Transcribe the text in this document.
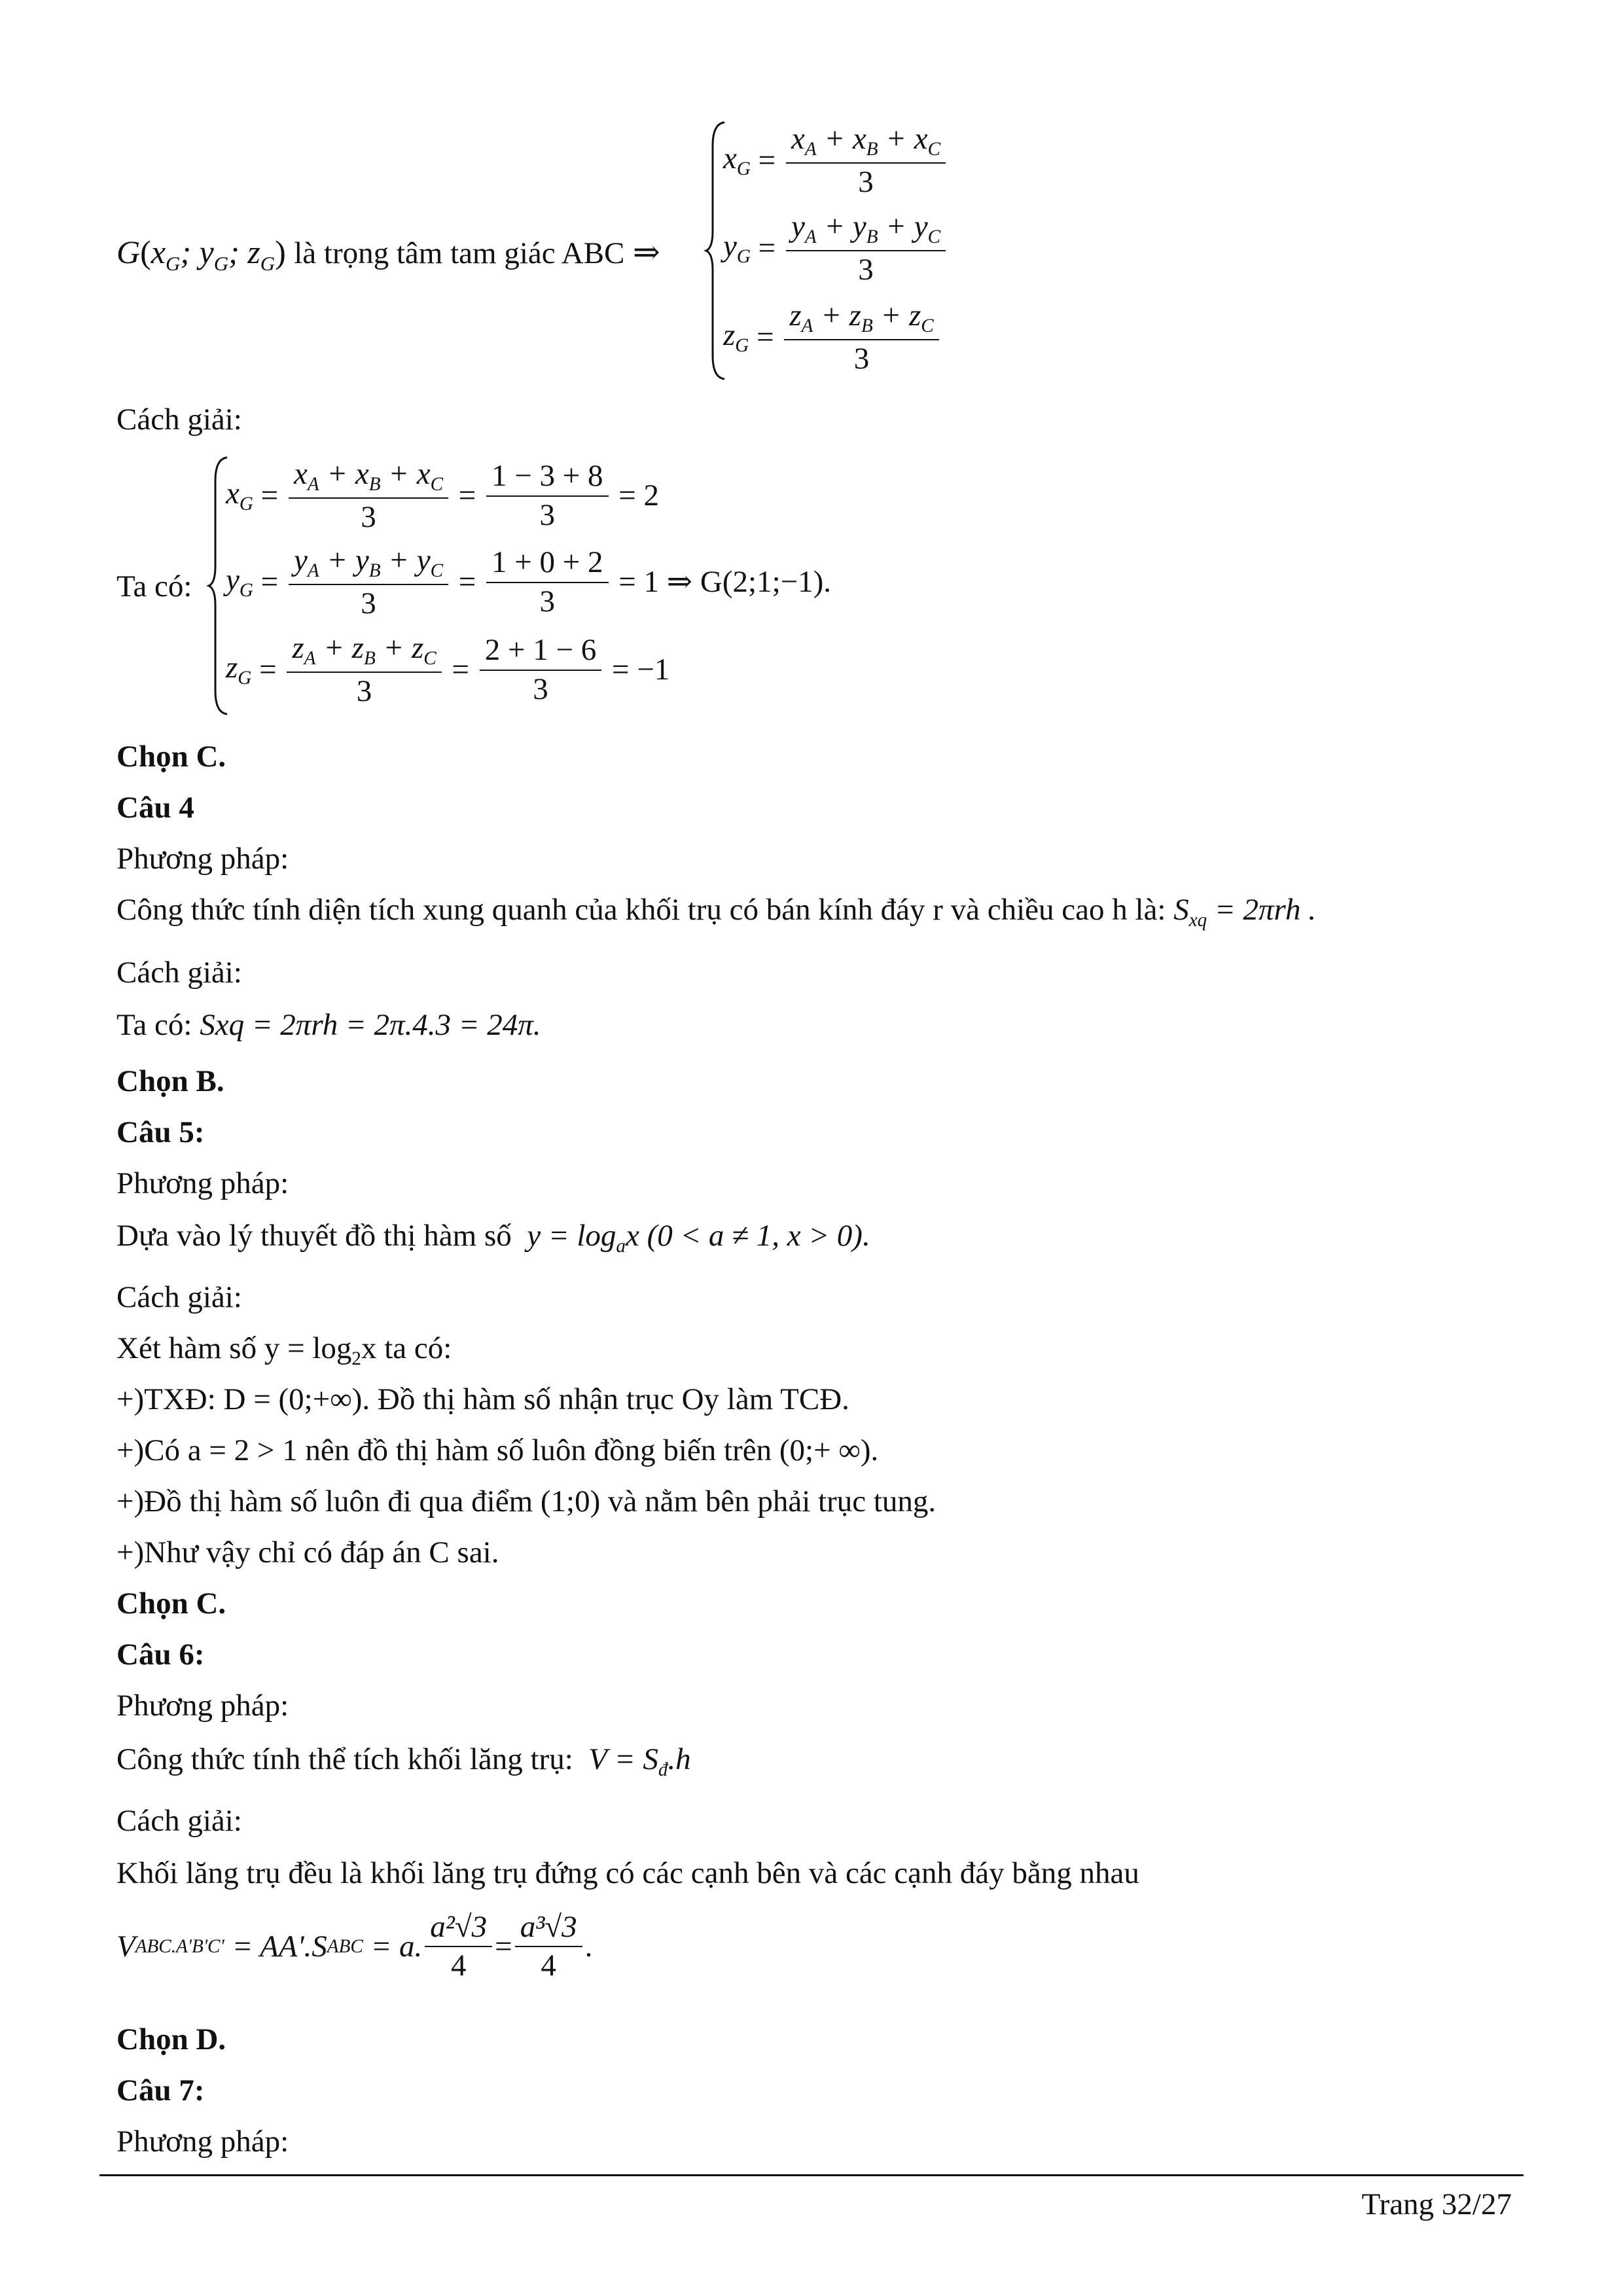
$G(x_G$; $y_G$; $z_G$) là trọng tâm tam giác ABC ⇒
$x_G = \frac{x_A + x_B + x_C}{3}$
$y_G = \frac{y_A + y_B + y_C}{3}$
$z_G = \frac{z_A + z_B + z_C}{3}$
Cách giải:
Ta có:
$x_G = \frac{x_A + x_B + x_C}{3} = \frac{1 - 3 + 8}{3}$
= 2
$y_G = \frac{y_A + y_B + y_C}{3} = \frac{1 + 0 + 2}{3}$
= 1
⇒ G(2;1;−1).
$z_G = \frac{z_A + z_B + z_C}{3} = \frac{2 + 1 - 6}{3}$
= −1
Chọn C.
Câu 4
Phương pháp:
Công thức tính diện tích xung quanh của khối trụ có bán kính đáy r và chiều cao h là: $S_{xq} = 2\pi rh$ .
Cách giải:
Ta có: Sxq = 2πrh = 2π.4.3 = 24π.
Chọn B.
Câu 5:
Phương pháp:
Dựa vào lý thuyết đồ thị hàm số $y = \log_ax$ (0 < a ≠ 1, x > 0).
Cách giải:
Xét hàm số $y = \log_2x$ ta có:
+)TXĐ: D = (0;+∞). Đồ thị hàm số nhận trục Oy làm TCĐ.
+)Có a = 2 > 1 nên đồ thị hàm số luôn đồng biến trên (0;+ ∞).
+)Đồ thị hàm số luôn đi qua điểm (1;0) và nằm bên phải trục tung.
+)Như vậy chỉ có đáp án C sai.
Chọn C.
Câu 6:
Phương pháp:
Công thức tính thể tích khối lăng trụ: $V = S_đ.h$
Cách giải:
Khối lăng trụ đều là khối lăng trụ đứng có các cạnh bên và các cạnh đáy bằng nhau
V ABC.A'B'C'
= AA'.S ABC
= a. $\frac{\text{a²√3}}{4} = \frac{\text{a³√3}}{4}$ .
Chọn D.
Câu 7:
Phương pháp:
Trang 32/27
